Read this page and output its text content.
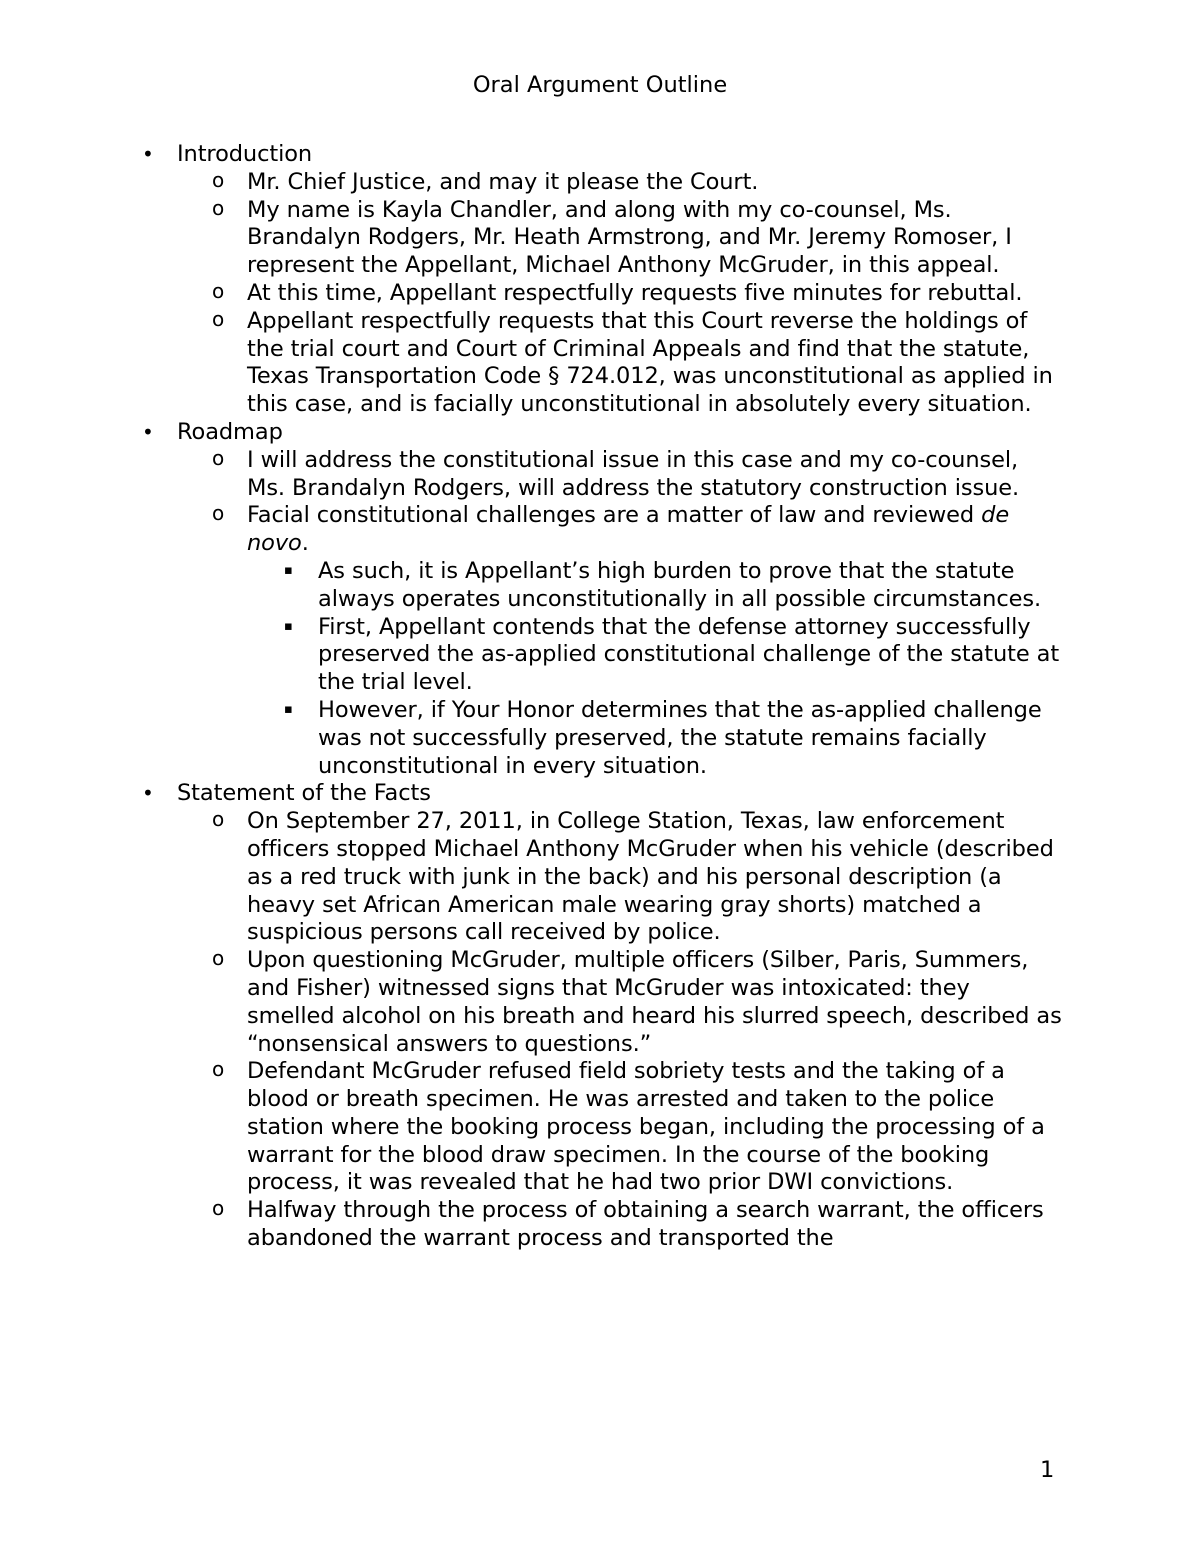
Oral Argument Outline
• Introduction
o Mr. Chief Justice, and may it please the Court.
o My name is Kayla Chandler, and along with my co-counsel, Ms. Brandalyn Rodgers, Mr. Heath Armstrong, and Mr. Jeremy Romoser, I represent the Appellant, Michael Anthony McGruder, in this appeal.
o At this time, Appellant respectfully requests five minutes for rebuttal.
o Appellant respectfully requests that this Court reverse the holdings of the trial court and Court of Criminal Appeals and find that the statute, Texas Transportation Code § 724.012, was unconstitutional as applied in this case, and is facially unconstitutional in absolutely every situation.
• Roadmap
o I will address the constitutional issue in this case and my co-counsel, Ms. Brandalyn Rodgers, will address the statutory construction issue.
o Facial constitutional challenges are a matter of law and reviewed de novo.
▪ As such, it is Appellant’s high burden to prove that the statute always operates unconstitutionally in all possible circumstances.
▪ First, Appellant contends that the defense attorney successfully preserved the as-applied constitutional challenge of the statute at the trial level.
▪ However, if Your Honor determines that the as-applied challenge was not successfully preserved, the statute remains facially unconstitutional in every situation.
• Statement of the Facts
o On September 27, 2011, in College Station, Texas, law enforcement officers stopped Michael Anthony McGruder when his vehicle (described as a red truck with junk in the back) and his personal description (a heavy set African American male wearing gray shorts) matched a suspicious persons call received by police.
o Upon questioning McGruder, multiple officers (Silber, Paris, Summers, and Fisher) witnessed signs that McGruder was intoxicated: they smelled alcohol on his breath and heard his slurred speech, described as “nonsensical answers to questions.”
o Defendant McGruder refused field sobriety tests and the taking of a blood or breath specimen. He was arrested and taken to the police station where the booking process began, including the processing of a warrant for the blood draw specimen. In the course of the booking process, it was revealed that he had two prior DWI convictions.
o Halfway through the process of obtaining a search warrant, the officers abandoned the warrant process and transported the
1
